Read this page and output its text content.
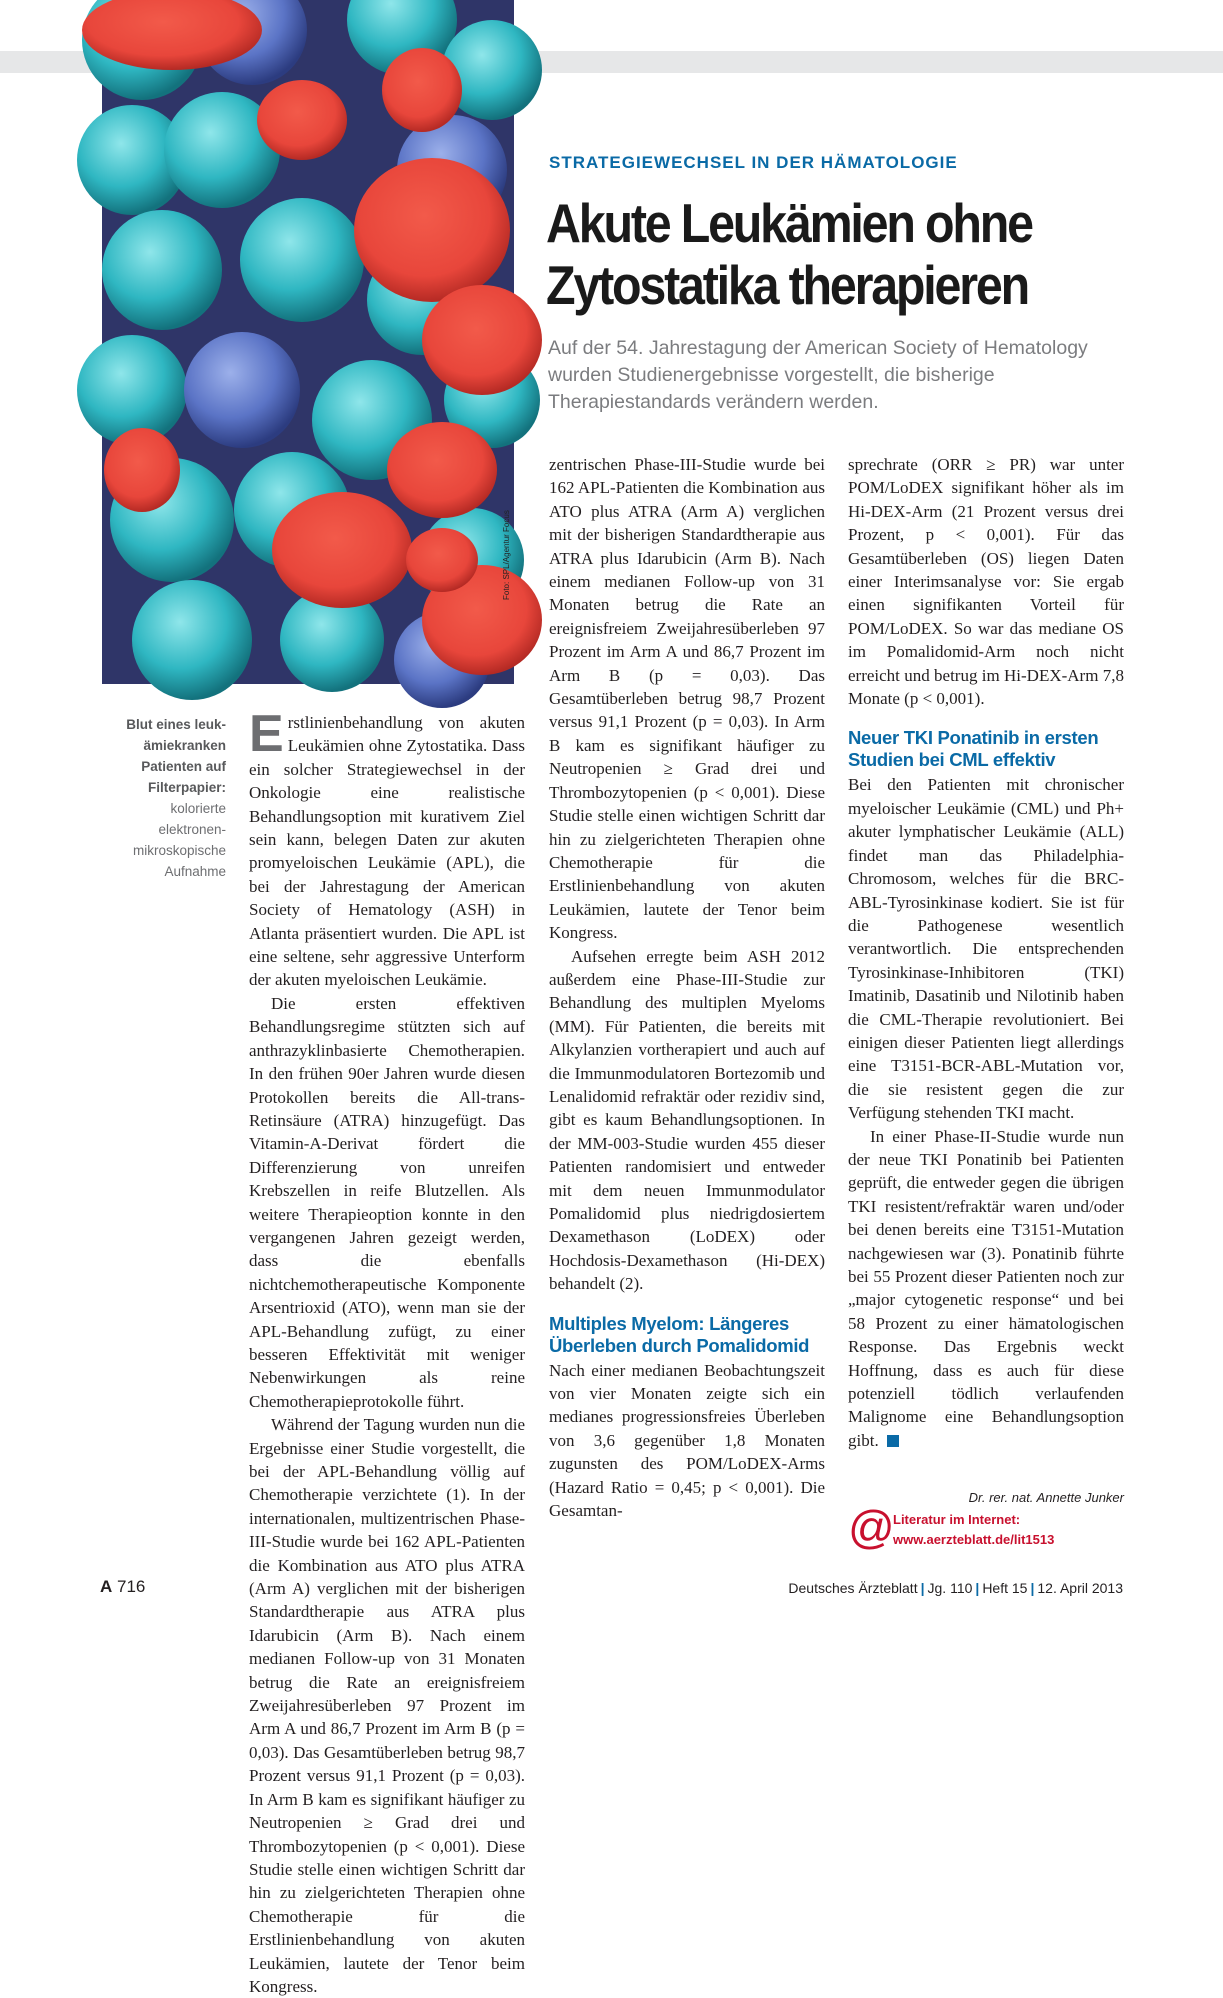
Foto: SPL/Agentur Focus
STRATEGIEWECHSEL IN DER HÄMATOLOGIE
Akute Leukämien ohne
Zytostatika therapieren
Auf der 54. Jahrestagung der American Society of Hematology wurden Studienergebnisse vorgestellt, die bisherige Therapiestandards verändern werden.
Blut eines leukämiekranken Patienten auf Filterpapier: kolorierte elektronenmikroskopische Aufnahme

Erstlinienbehandlung von akuten Leukämien ohne Zytostatika. Dass ein solcher Strategiewechsel in der Onkologie eine realistische Behandlungsoption mit kurativem Ziel sein kann, belegen Daten zur akuten promyeloischen Leukämie (APL), die bei der Jahrestagung der American Society of Hematology (ASH) in Atlanta präsentiert wurden. Die APL ist eine seltene, sehr aggressive Unterform der akuten myeloischen Leukämie.

Die ersten effektiven Behandlungsregime stützten sich auf anthrazyklinbasierte Chemotherapien. In den frühen 90er Jahren wurde diesen Protokollen bereits die All-trans-Retinsäure (ATRA) hinzugefügt. Das Vitamin-A-Derivat fördert die Differenzierung von unreifen Krebszellen in reife Blutzellen. Als weitere Therapieoption konnte in den vergangenen Jahren gezeigt werden, dass die ebenfalls nichtchemotherapeutische Komponente Arsentrioxid (ATO), wenn man sie der APL-Behandlung zufügt, zu einer besseren Effektivität mit weniger Nebenwirkungen als reine Chemotherapieprotokolle führt.

Während der Tagung wurden nun die Ergebnisse einer Studie vorgestellt, die bei der APL-Behandlung völlig auf Chemotherapie verzichtete (1). In der internationalen, multizentrischen Phase-III-Studie wurde bei 162 APL-Patienten die Kombination aus ATO plus ATRA (Arm A) verglichen mit der bisherigen Standardtherapie aus ATRA plus Idarubicin (Arm B). Nach einem medianen Follow-up von 31 Monaten betrug die Rate an ereignisfreiem Zweijahresüberleben 97 Prozent im Arm A und 86,7 Prozent im Arm B (p = 0,03). Das Gesamtüberleben betrug 98,7 Prozent versus 91,1 Prozent (p = 0,03). In Arm B kam es signifikant häufiger zu Neutropenien ≥ Grad drei und Thrombozytopenien (p < 0,001). Diese Studie stelle einen wichtigen Schritt dar hin zu zielgerichteten Therapien ohne Chemotherapie für die Erstlinienbehandlung von akuten Leukämien, lautete der Tenor beim Kongress.

zentrischen Phase-III-Studie wurde bei 162 APL-Patienten die Kombination aus ATO plus ATRA (Arm A) verglichen mit der bisherigen Standardtherapie aus ATRA plus Idarubicin (Arm B). Nach einem medianen Follow-up von 31 Monaten betrug die Rate an ereignisfreiem Zweijahresüberleben 97 Prozent im Arm A und 86,7 Prozent im Arm B (p = 0,03). Das Gesamtüberleben betrug 98,7 Prozent versus 91,1 Prozent (p = 0,03). In Arm B kam es signifikant häufiger zu Neutropenien ≥ Grad drei und Thrombozytopenien (p < 0,001). Diese Studie stelle einen wichtigen Schritt dar hin zu zielgerichteten Therapien ohne Chemotherapie für die Erstlinienbehandlung von akuten Leukämien, lautete der Tenor beim Kongress.

Aufsehen erregte beim ASH 2012 außerdem eine Phase-III-Studie zur Behandlung des multiplen Myeloms (MM). Für Patienten, die bereits mit Alkylanzien vortherapiert und auch auf die Immunmodulatoren Bortezomib und Lenalidomid refraktär oder rezidiv sind, gibt es kaum Behandlungsoptionen. In der MM-003-Studie wurden 455 dieser Patienten randomisiert und entweder mit dem neuen Immunmodulator Pomalidomid plus niedrigdosiertem Dexamethason (LoDEX) oder Hochdosis-Dexamethason (Hi-DEX) behandelt (2).

Multiples Myelom: Längeres Überleben durch Pomalidomid

Nach einer medianen Beobachtungszeit von vier Monaten zeigte sich ein medianes progressionsfreies Überleben von 3,6 gegenüber 1,8 Monaten zugunsten des POM/LoDEX-Arms (Hazard Ratio = 0,45; p < 0,001). Die Gesamtan-

sprechrate (ORR ≥ PR) war unter POM/LoDEX signifikant höher als im Hi-DEX-Arm (21 Prozent versus drei Prozent, p < 0,001). Für das Gesamtüberleben (OS) liegen Daten einer Interimsanalyse vor: Sie ergab einen signifikanten Vorteil für POM/LoDEX. So war das mediane OS im Pomalidomid-Arm noch nicht erreicht und betrug im Hi-DEX-Arm 7,8 Monate (p < 0,001).

Neuer TKI Ponatinib in ersten Studien bei CML effektiv

Bei den Patienten mit chronischer myeloischer Leukämie (CML) und Ph+ akuter lymphatischer Leukämie (ALL) findet man das Philadelphia-Chromosom, welches für die BRC-ABL-Tyrosinkinase kodiert. Sie ist für die Pathogenese wesentlich verantwortlich. Die entsprechenden Tyrosinkinase-Inhibitoren (TKI) Imatinib, Dasatinib und Nilotinib haben die CML-Therapie revolutioniert. Bei einigen dieser Patienten liegt allerdings eine T3151-BCR-ABL-Mutation vor, die sie resistent gegen die zur Verfügung stehenden TKI macht.

In einer Phase-II-Studie wurde nun der neue TKI Ponatinib bei Patienten geprüft, die entweder gegen die übrigen TKI resistent/refraktär waren und/oder bei denen bereits eine T3151-Mutation nachgewiesen war (3). Ponatinib führte bei 55 Prozent dieser Patienten noch zur „major cytogenetic response“ und bei 58 Prozent zu einer hämatologischen Response. Das Ergebnis weckt Hoffnung, dass es auch für diese potenziell tödlich verlaufenden Malignome eine Behandlungsoption gibt.

Dr. rer. nat. Annette Junker
@
Literatur im Internet:
www.aerzteblatt.de/lit1513
A 716	Deutsches Ärzteblatt | Jg. 110 | Heft 15 | 12. April 2013
